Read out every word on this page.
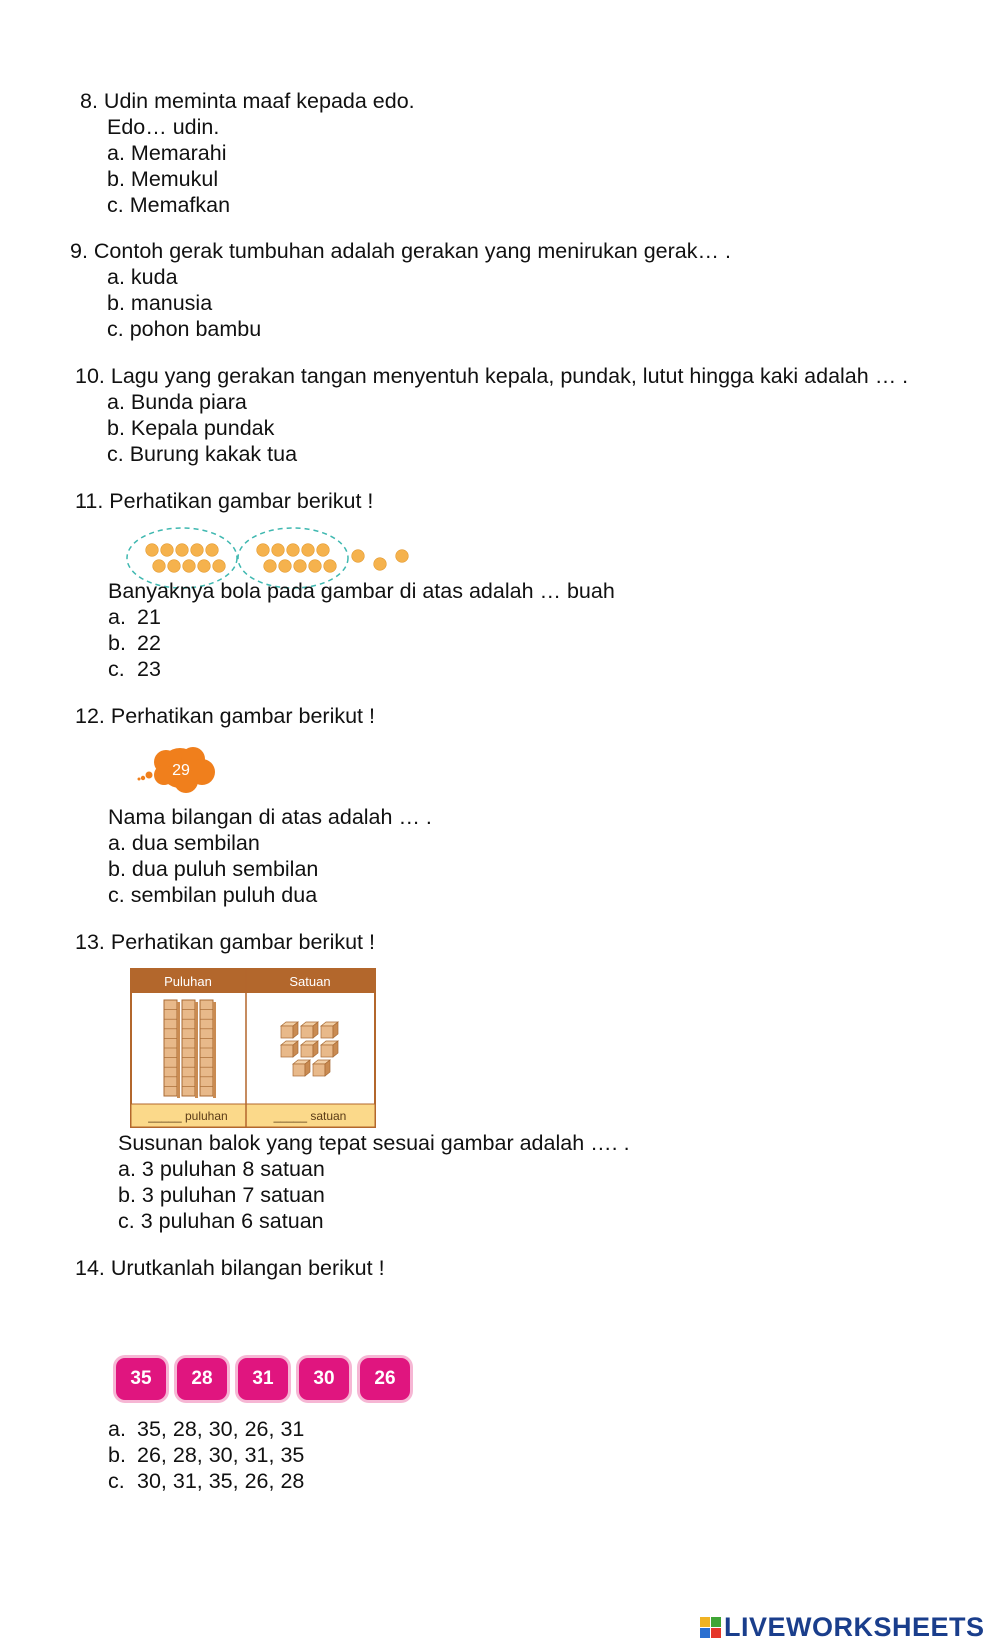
8. Udin meminta maaf kepada edo.
Edo… udin.
a. Memarahi
b. Memukul
c. Memafkan
9. Contoh gerak tumbuhan adalah gerakan yang menirukan gerak… .
a. kuda
b. manusia
c. pohon bambu
10. Lagu yang gerakan tangan menyentuh kepala, pundak, lutut hingga kaki adalah … .
a. Bunda piara
b. Kepala pundak
c. Burung kakak tua
11. Perhatikan gambar berikut !
Banyaknya bola pada gambar di atas adalah … buah
a. 21
b. 22
c. 23
12. Perhatikan gambar berikut !
29
Nama bilangan di atas adalah … .
a. dua sembilan
b. dua puluh sembilan
c. sembilan puluh dua
13. Perhatikan gambar berikut !
Puluhan	Satuan
_____ puluhan	_____ satuan
Susunan balok yang tepat sesuai gambar adalah …. .
a. 3 puluhan 8 satuan
b. 3 puluhan 7 satuan
c. 3 puluhan 6 satuan
14. Urutkanlah bilangan berikut !
35	28	31	30	26
a. 35, 28, 30, 26, 31
b. 26, 28, 30, 31, 35
c. 30, 31, 35, 26, 28
LIVEWORKSHEETS
